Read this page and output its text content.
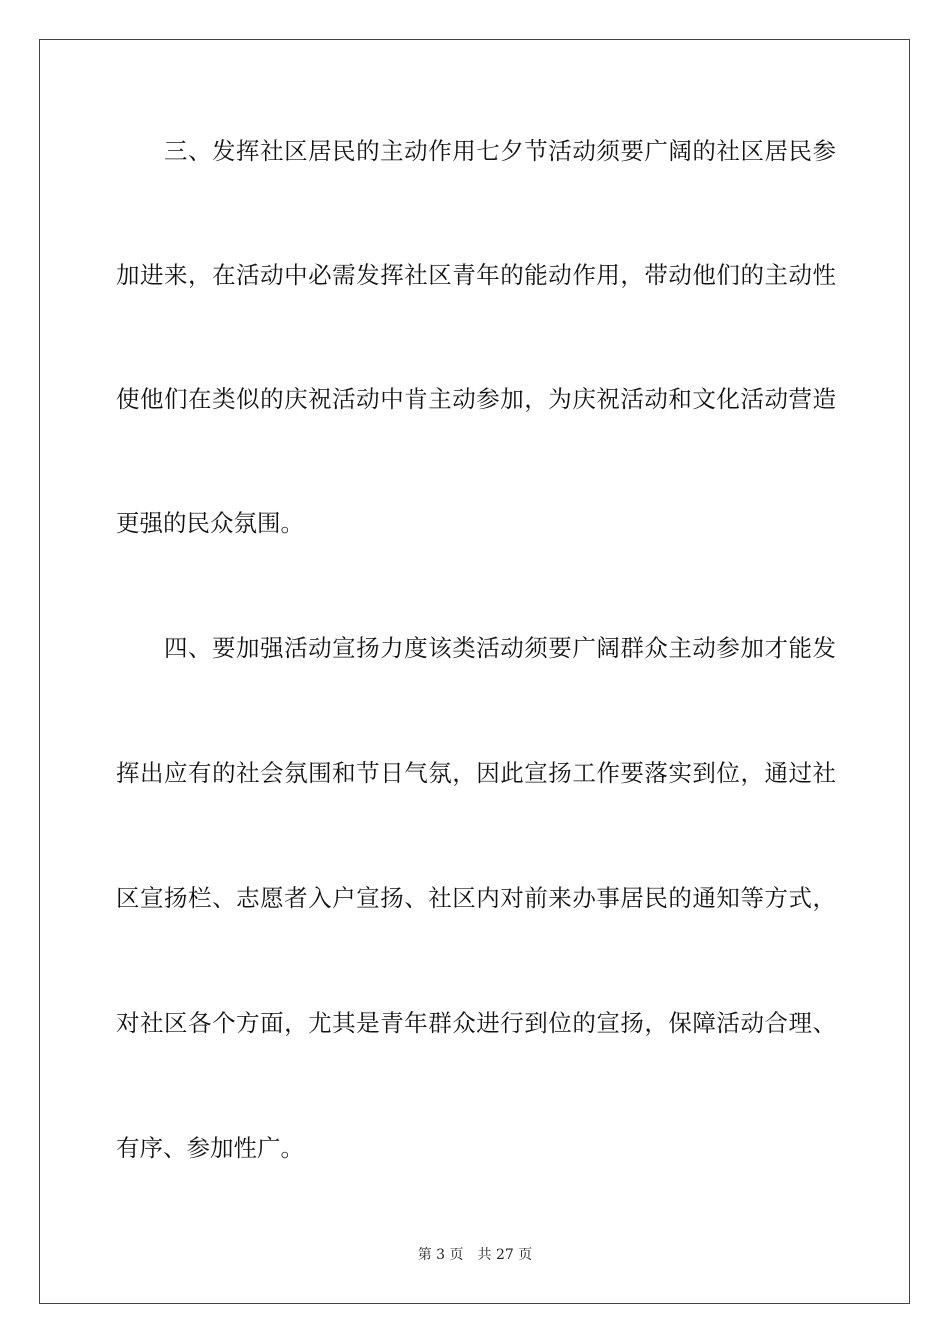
三、发挥社区居民的主动作用七夕节活动须要广阔的社区居民参
加进来，在活动中必需发挥社区青年的能动作用，带动他们的主动性
使他们在类似的庆祝活动中肯主动参加，为庆祝活动和文化活动营造
更强的民众氛围。
四、要加强活动宣扬力度该类活动须要广阔群众主动参加才能发
挥出应有的社会氛围和节日气氛，因此宣扬工作要落实到位，通过社
区宣扬栏、志愿者入户宣扬、社区内对前来办事居民的通知等方式，
对社区各个方面，尤其是青年群众进行到位的宣扬，保障活动合理、
有序、参加性广。
第 3 页 共 27 页
